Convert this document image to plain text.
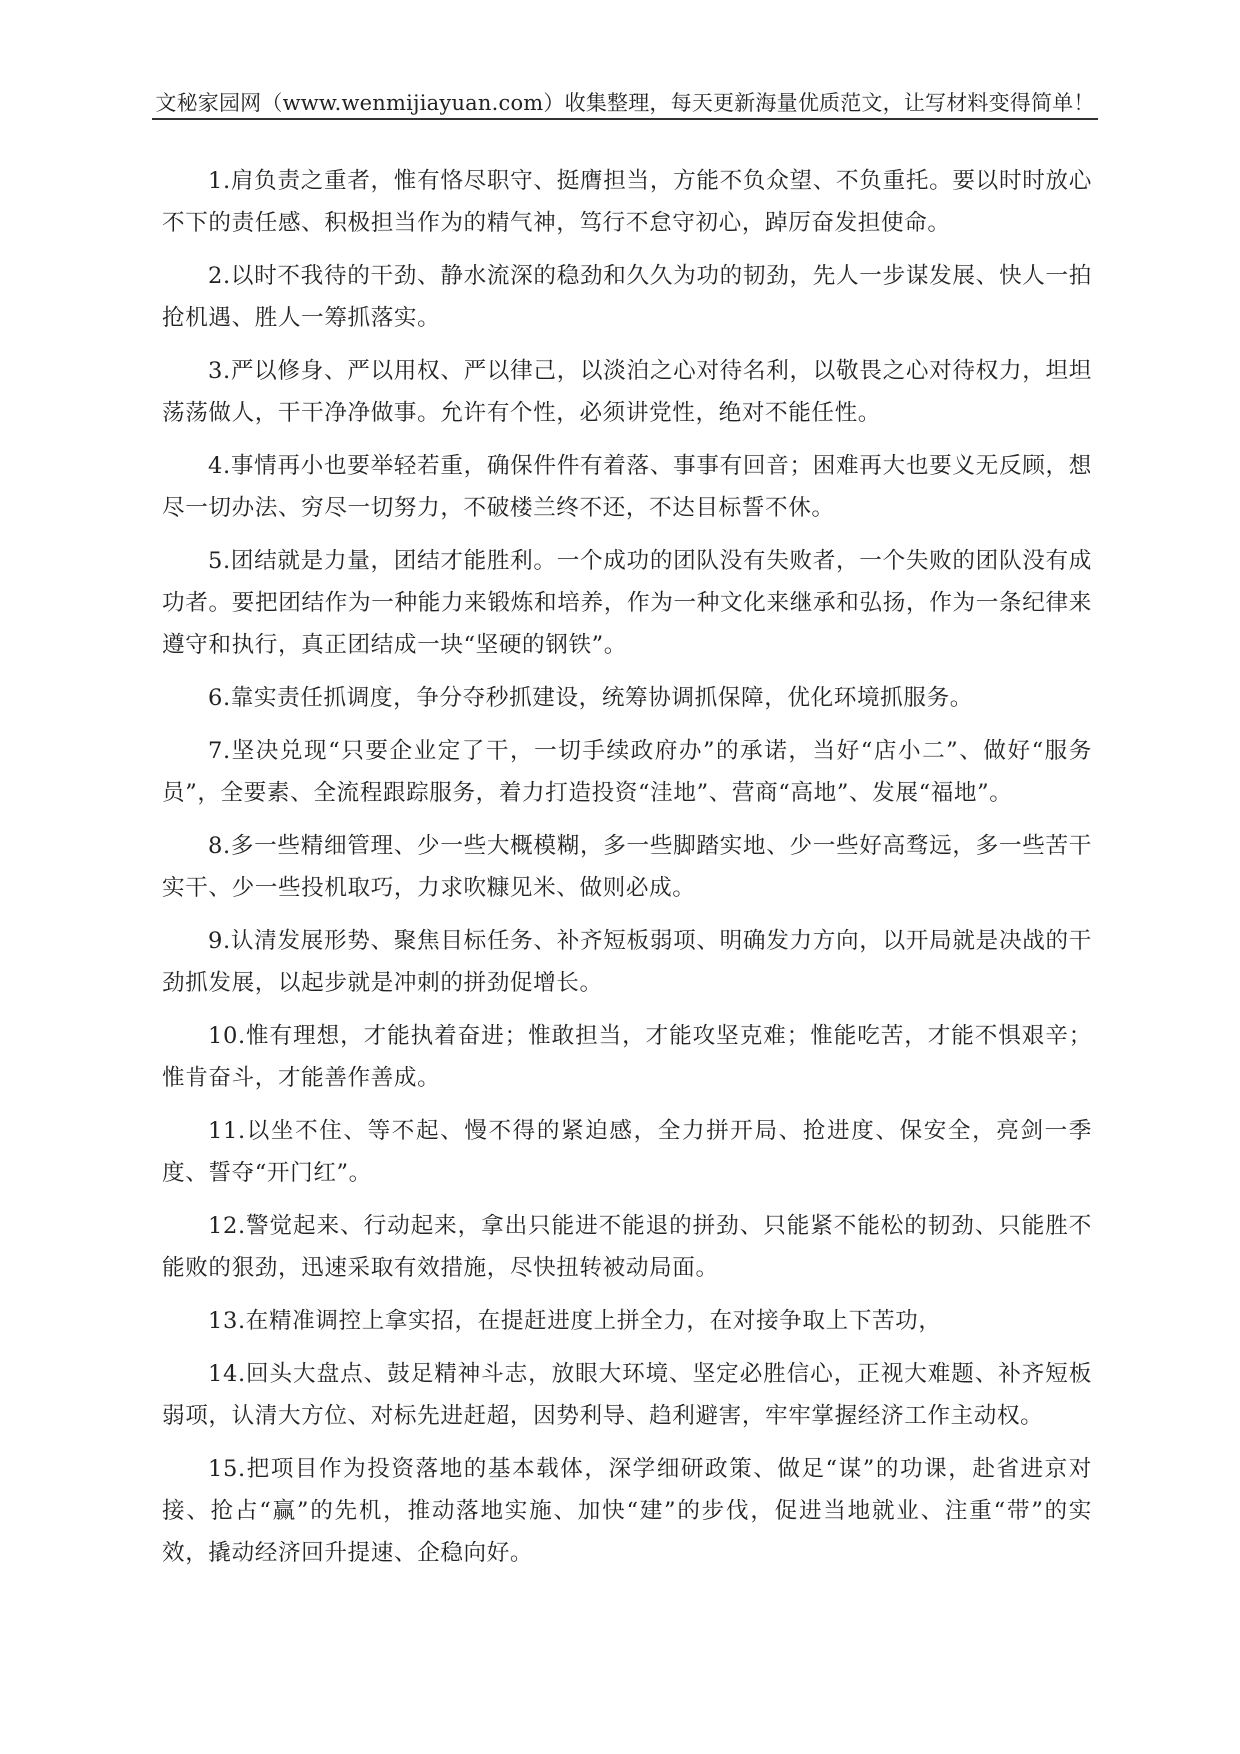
文秘家园网（www.wenmijiayuan.com）收集整理，每天更新海量优质范文，让写材料变得简单！

1.肩负责之重者，惟有恪尽职守、挺膺担当，方能不负众望、不负重托。要以时时放心不下的责任感、积极担当作为的精气神，笃行不怠守初心，踔厉奋发担使命。

2.以时不我待的干劲、静水流深的稳劲和久久为功的韧劲，先人一步谋发展、快人一拍抢机遇、胜人一筹抓落实。

3.严以修身、严以用权、严以律己，以淡泊之心对待名利，以敬畏之心对待权力，坦坦荡荡做人，干干净净做事。允许有个性，必须讲党性，绝对不能任性。

4.事情再小也要举轻若重，确保件件有着落、事事有回音；困难再大也要义无反顾，想尽一切办法、穷尽一切努力，不破楼兰终不还，不达目标誓不休。

5.团结就是力量，团结才能胜利。一个成功的团队没有失败者，一个失败的团队没有成功者。要把团结作为一种能力来锻炼和培养，作为一种文化来继承和弘扬，作为一条纪律来遵守和执行，真正团结成一块“坚硬的钢铁”。

6.靠实责任抓调度，争分夺秒抓建设，统筹协调抓保障，优化环境抓服务。

7.坚决兑现“只要企业定了干，一切手续政府办”的承诺，当好“店小二”、做好“服务员”，全要素、全流程跟踪服务，着力打造投资“洼地”、营商“高地”、发展“福地”。

8.多一些精细管理、少一些大概模糊，多一些脚踏实地、少一些好高骛远，多一些苦干实干、少一些投机取巧，力求吹糠见米、做则必成。

9.认清发展形势、聚焦目标任务、补齐短板弱项、明确发力方向，以开局就是决战的干劲抓发展，以起步就是冲刺的拼劲促增长。

10.惟有理想，才能执着奋进；惟敢担当，才能攻坚克难；惟能吃苦，才能不惧艰辛；惟肯奋斗，才能善作善成。

11.以坐不住、等不起、慢不得的紧迫感，全力拼开局、抢进度、保安全，亮剑一季度、誓夺“开门红”。

12.警觉起来、行动起来，拿出只能进不能退的拼劲、只能紧不能松的韧劲、只能胜不能败的狠劲，迅速采取有效措施，尽快扭转被动局面。

13.在精准调控上拿实招，在提赶进度上拼全力，在对接争取上下苦功，

14.回头大盘点、鼓足精神斗志，放眼大环境、坚定必胜信心，正视大难题、补齐短板弱项，认清大方位、对标先进赶超，因势利导、趋利避害，牢牢掌握经济工作主动权。

15.把项目作为投资落地的基本载体，深学细研政策、做足“谋”的功课，赴省进京对接、抢占“赢”的先机，推动落地实施、加快“建”的步伐，促进当地就业、注重“带”的实效，撬动经济回升提速、企稳向好。
